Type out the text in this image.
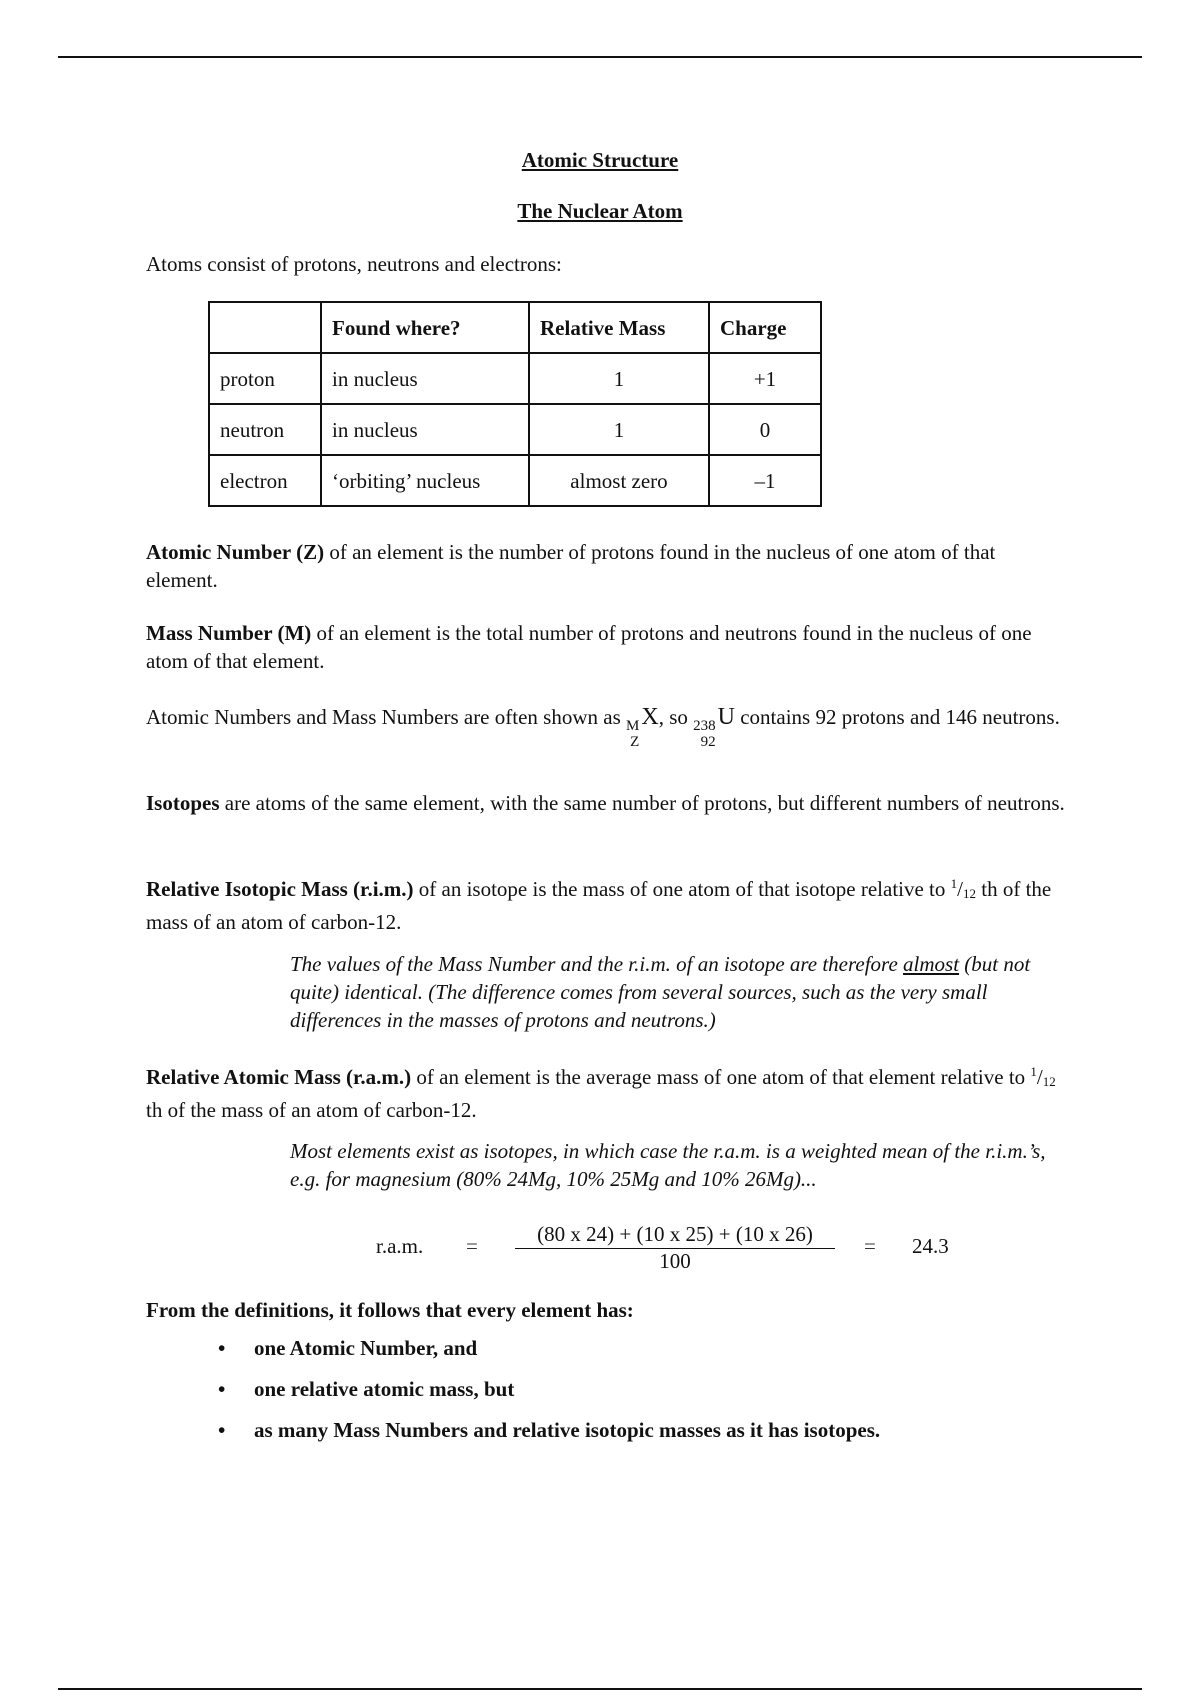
Atomic Structure
The Nuclear Atom

Atoms consist of protons, neutrons and electrons:

	Found where?	Relative Mass	Charge
proton	in nucleus	1	+1
neutron	in nucleus	1	0
electron	‘orbiting’ nucleus	almost zero	–1

Atomic Number (Z) of an element is the number of protons found in the nucleus of one atom of that element.

Mass Number (M) of an element is the total number of protons and neutrons found in the nucleus of one atom of that element.

Atomic Numbers and Mass Numbers are often shown as M
Z
X, so 238
92
U contains 92 protons and 146 neutrons.

Isotopes are atoms of the same element, with the same number of protons, but different numbers of neutrons.

Relative Isotopic Mass (r.i.m.) of an isotope is the mass of one atom of that isotope relative to $^1/_{12}$ th of the mass of an atom of carbon-12.

The values of the Mass Number and the r.i.m. of an isotope are therefore almost (but not quite) identical. (The difference comes from several sources, such as the very small differences in the masses of protons and neutrons.)

Relative Atomic Mass (r.a.m.) of an element is the average mass of one atom of that element relative to $^1/_{12}$ th of the mass of an atom of carbon-12.

Most elements exist as isotopes, in which case the r.a.m. is a weighted mean of the r.i.m.’s, e.g. for magnesium (80% 24Mg, 10% 25Mg and 10% 26Mg)...

r.a.m. =	(80 x 24) + (10 x 25) + (10 x 26)
100
= 24.3

From the definitions, it follows that every element has:

• one Atomic Number, and
• one relative atomic mass, but
• as many Mass Numbers and relative isotopic masses as it has isotopes.
